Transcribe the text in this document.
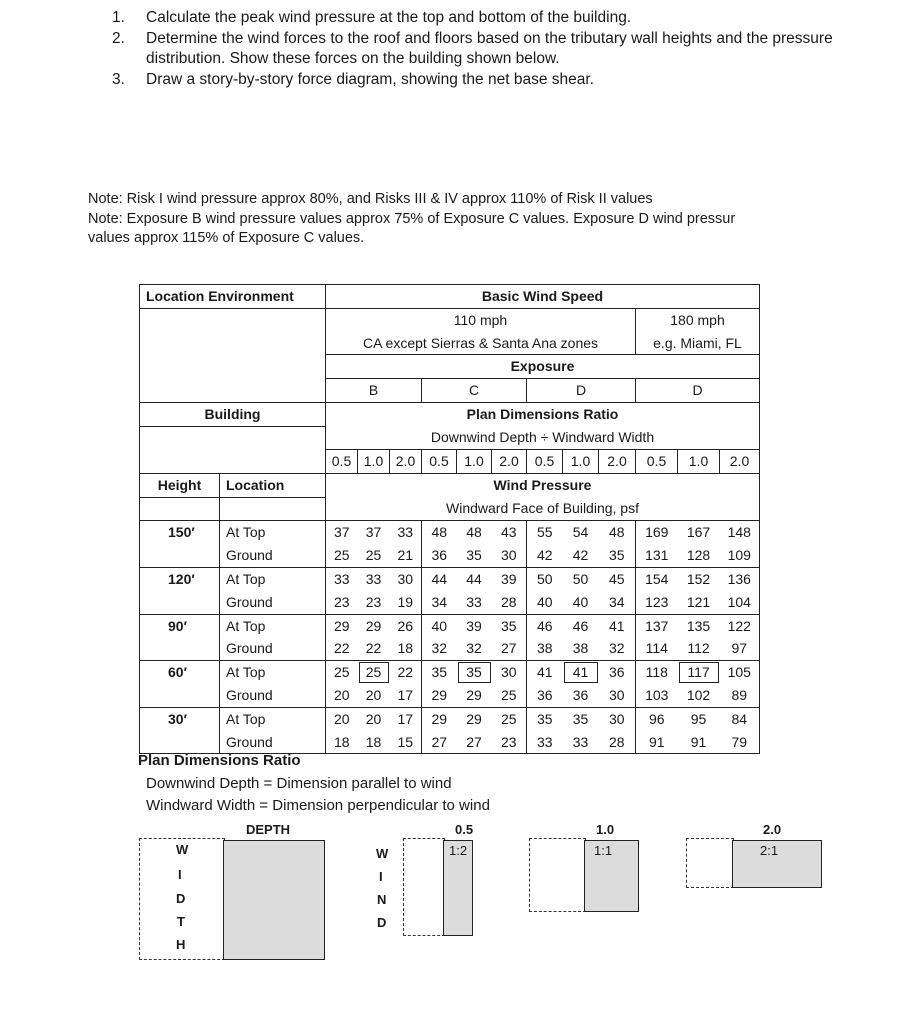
1. Calculate the peak wind pressure at the top and bottom of the building.
2. Determine the wind forces to the roof and floors based on the tributary wall heights and the pressure distribution. Show these forces on the building shown below.
3. Draw a story-by-story force diagram, showing the net base shear.
Note: Risk I wind pressure approx 80%, and Risks III & IV approx 110% of Risk II values
Note: Exposure B wind pressure values approx 75% of Exposure C values. Exposure D wind pressur
values approx 115% of Exposure C values.
Location Environment		Basic Wind Speed											
		110 mph									180 mph		
		CA except Sierras & Santa Ana zones									e.g. Miami, FL		
		Exposure											
		B			C			D			D		
Building		Plan Dimensions Ratio											
		Downwind Depth ÷ Windward Width											
		0.5	1.0	2.0	0.5	1.0	2.0	0.5	1.0	2.0	0.5	1.0	2.0
Height	Location	Wind Pressure											
		Windward Face of Building, psf											
150′	At Top	37	37	33	48	48	43	55	54	48	169	167	148
	Ground	25	25	21	36	35	30	42	42	35	131	128	109
120′	At Top	33	33	30	44	44	39	50	50	45	154	152	136
	Ground	23	23	19	34	33	28	40	40	34	123	121	104
90′	At Top	29	29	26	40	39	35	46	46	41	137	135	122
	Ground	22	22	18	32	32	27	38	38	32	114	112	97
60′	At Top	25	25	22	35	35	30	41	41	36	118	117	105
	Ground	20	20	17	29	29	25	36	36	30	103	102	89
30′	At Top	20	20	17	29	29	25	35	35	30	96	95	84
	Ground	18	18	15	27	27	23	33	33	28	91	91	79
Plan Dimensions Ratio
Downwind Depth = Dimension parallel to wind
Windward Width = Dimension perpendicular to wind
DEPTH
W
I
D
T
H
W
I
N
D
0.5
1:2
1.0
1:1
2.0
2:1
